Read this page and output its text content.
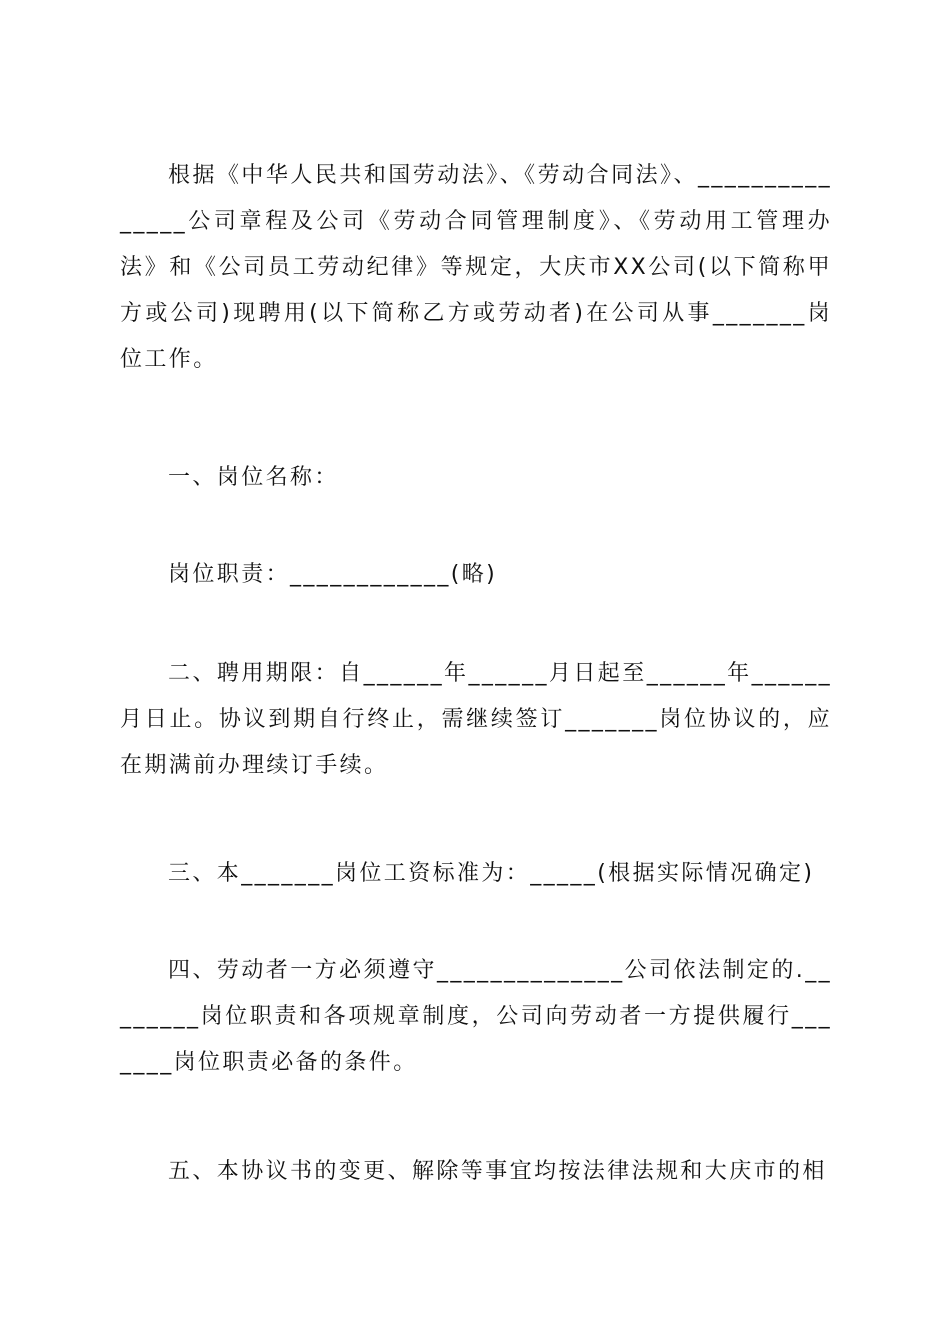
根据《中华人民共和国劳动法》、《劳动合同法》、__________ _____公司章程及公司《劳动合同管理制度》、《劳动用工管理办法》和《公司员工劳动纪律》等规定，大庆市XX公司(以下简称甲方或公司)现聘用(以下简称乙方或劳动者)在公司从事_______岗位工作。

一、岗位名称：

岗位职责：____________(略)

二、聘用期限：自______年______月日起至______年______月日止。协议到期自行终止，需继续签订_______岗位协议的，应在期满前办理续订手续。

三、本_______岗位工资标准为：_____(根据实际情况确定)

四、劳动者一方必须遵守______________公司依法制定的.________岗位职责和各项规章制度，公司向劳动者一方提供履行_______岗位职责必备的条件。

五、本协议书的变更、解除等事宜均按法律法规和大庆市的相
